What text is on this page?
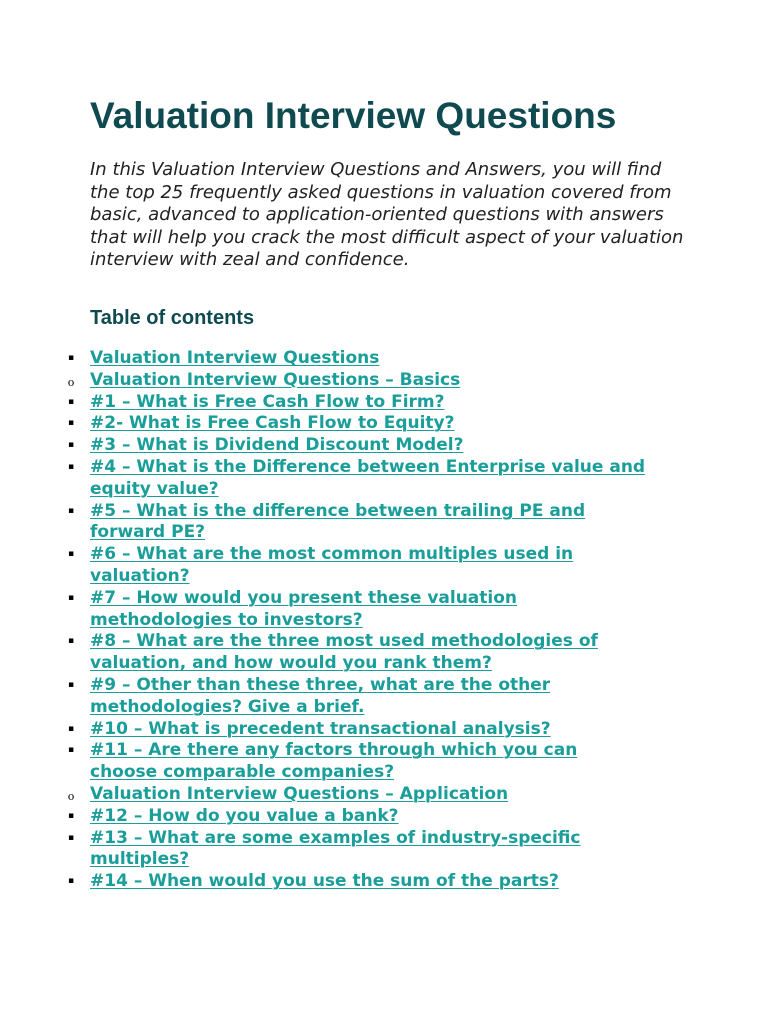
Valuation Interview Questions

In this Valuation Interview Questions and Answers, you will find the top 25 frequently asked questions in valuation covered from basic, advanced to application-oriented questions with answers that will help you crack the most difficult aspect of your valuation interview with zeal and confidence.

Table of contents
▪ Valuation Interview Questions
o Valuation Interview Questions – Basics
▪ #1 – What is Free Cash Flow to Firm?
▪ #2- What is Free Cash Flow to Equity?
▪ #3 – What is Dividend Discount Model?
▪ #4 – What is the Difference between Enterprise value and equity value?
▪ #5 – What is the difference between trailing PE and forward PE?
▪ #6 – What are the most common multiples used in valuation?
▪ #7 – How would you present these valuation methodologies to investors?
▪ #8 – What are the three most used methodologies of valuation, and how would you rank them?
▪ #9 – Other than these three, what are the other methodologies? Give a brief.
▪ #10 – What is precedent transactional analysis?
▪ #11 – Are there any factors through which you can choose comparable companies?
o Valuation Interview Questions – Application
▪ #12 – How do you value a bank?
▪ #13 – What are some examples of industry-specific multiples?
▪ #14 – When would you use the sum of the parts?
